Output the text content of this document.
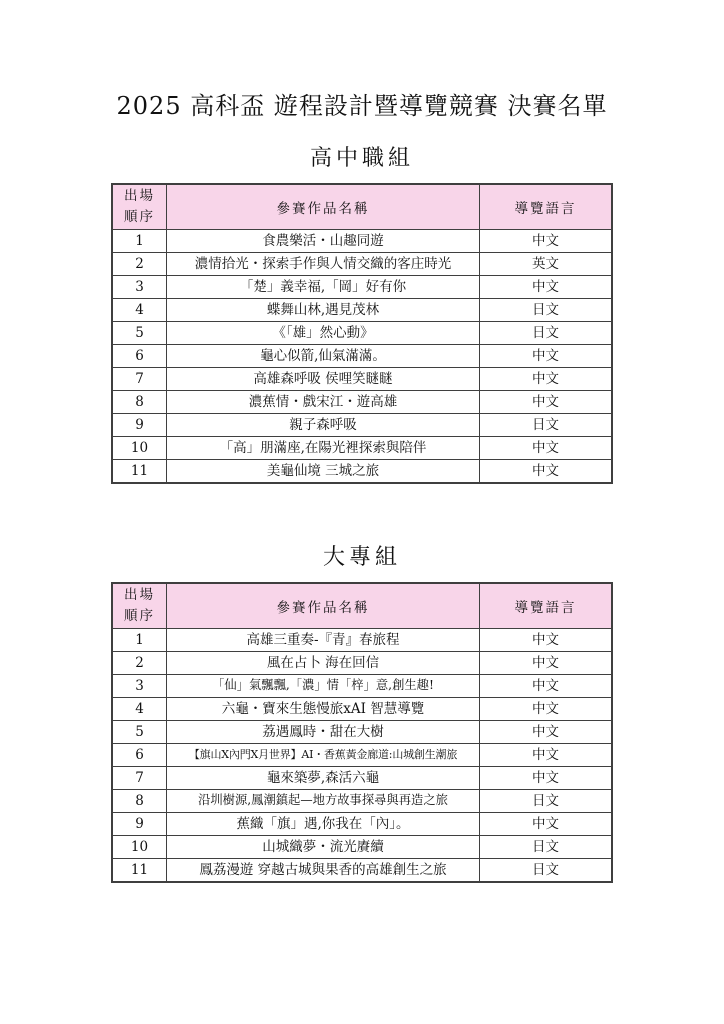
2025 高科盃 遊程設計暨導覽競賽 決賽名單
高中職組
出場
順序	參賽作品名稱	導覽語言
1	食農樂活・山趣同遊	中文
2	濃情拾光・探索手作與人情交織的客庄時光	英文
3	「楚」義幸福,「岡」好有你	中文
4	蝶舞山林,遇見茂林	日文
5	《「雄」然心動》	日文
6	龜心似箭,仙氣滿滿。	中文
7	高雄森呼吸 侯哩笑瞇瞇	中文
8	濃蕉情・戲宋江・遊高雄	中文
9	親子森呼吸	日文
10	「高」朋滿座,在陽光裡探索與陪伴	中文
11	美龜仙境 三城之旅	中文
大專組
出場
順序	參賽作品名稱	導覽語言
1	高雄三重奏-『青』春旅程	中文
2	風在占卜 海在回信	中文
3	「仙」氣飄飄,「濃」情「梓」意,創生趣!	中文
4	六龜・寶來生態慢旅xAI 智慧導覽	中文
5	荔遇鳳時・甜在大樹	中文
6	【旗山X內門X月世界】AI・香蕉黃金廊道:山城創生潮旅	中文
7	龜來築夢,森活六龜	中文
8	沿圳樹源,鳳潮鎮起—地方故事探尋與再造之旅	日文
9	蕉織「旗」遇,你我在「內」。	中文
10	山城織夢・流光賡續	日文
11	鳳荔漫遊 穿越古城與果香的高雄創生之旅	日文
